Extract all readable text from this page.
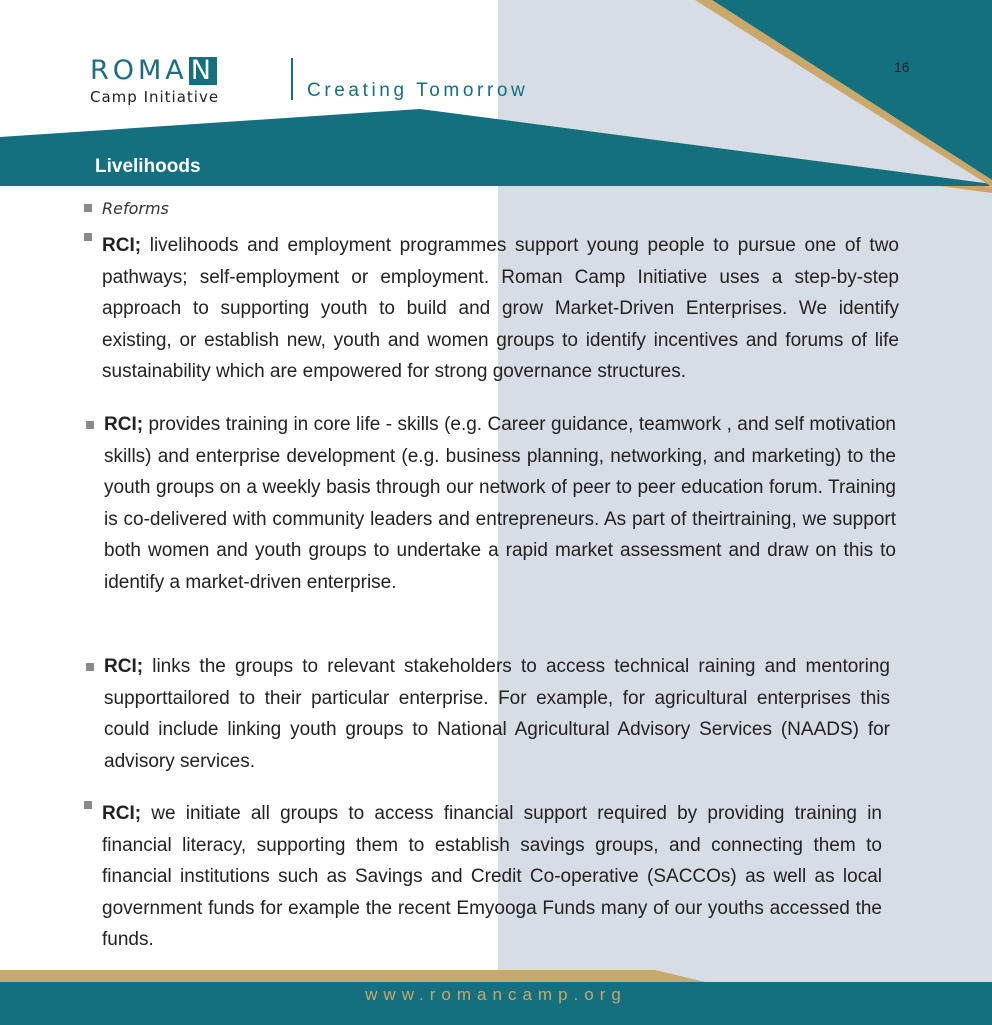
ROMA N
Camp Initiative	Creating Tomorrow
16
Livelihoods
Reforms
RCI; livelihoods and employment programmes support young people to pursue one of two pathways; self-employment or employment. Roman Camp Initiative uses a step-by-step approach to supporting youth to build and grow Market-Driven Enterprises. We identify existing, or establish new, youth and women groups to identify incentives and forums of life sustainability which are empowered for strong governance structures.
RCI; provides training in core life - skills (e.g. Career guidance, teamwork , and self motivation skills) and enterprise development (e.g. business planning, networking, and marketing) to the youth groups on a weekly basis through our network of peer to peer education forum. Training is co-delivered with community leaders and entrepreneurs. As part of theirtraining, we support both women and youth groups to undertake a rapid market assessment and draw on this to identify a market-driven enterprise.
RCI; links the groups to relevant stakeholders to access technical raining and mentoring supporttailored to their particular enterprise. For example, for agricultural enterprises this could include linking youth groups to National Agricultural Advisory Services (NAADS) for advisory services.
RCI; we initiate all groups to access financial support required by providing training in financial literacy, supporting them to establish savings groups, and connecting them to financial institutions such as Savings and Credit Co-operative (SACCOs) as well as local government funds for example the recent Emyooga Funds many of our youths accessed the funds.
www.romancamp.org
